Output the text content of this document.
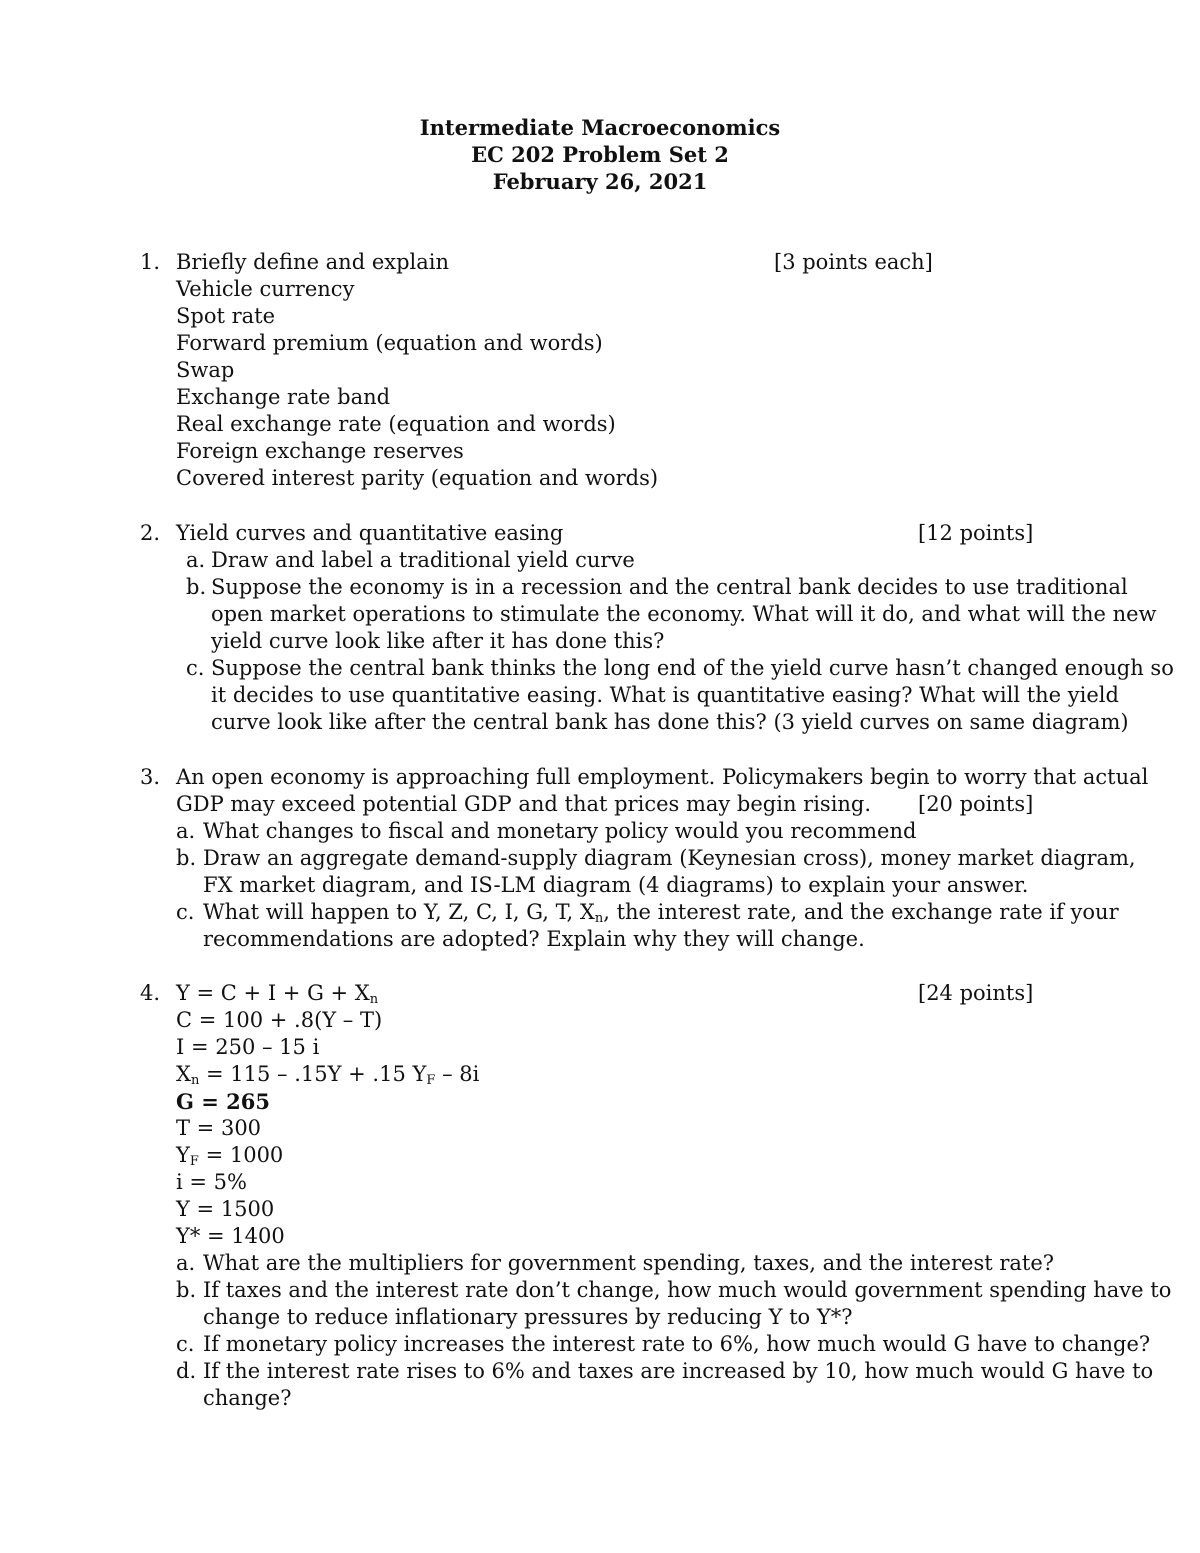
Intermediate Macroeconomics
EC 202 Problem Set 2
February 26, 2021
1. Briefly define and explain	[3 points each]
Vehicle currency
Spot rate
Forward premium (equation and words)
Swap
Exchange rate band
Real exchange rate (equation and words)
Foreign exchange reserves
Covered interest parity (equation and words)
2. Yield curves and quantitative easing	[12 points]
a. Draw and label a traditional yield curve
b. Suppose the economy is in a recession and the central bank decides to use traditional
open market operations to stimulate the economy. What will it do, and what will the new
yield curve look like after it has done this?
c. Suppose the central bank thinks the long end of the yield curve hasn’t changed enough so
it decides to use quantitative easing. What is quantitative easing? What will the yield
curve look like after the central bank has done this? (3 yield curves on same diagram)
3. An open economy is approaching full employment. Policymakers begin to worry that actual
GDP may exceed potential GDP and that prices may begin rising. [20 points]
a. What changes to fiscal and monetary policy would you recommend
b. Draw an aggregate demand-supply diagram (Keynesian cross), money market diagram,
FX market diagram, and IS-LM diagram (4 diagrams) to explain your answer.
c. What will happen to Y, Z, C, I, G, T, $X_n$, the interest rate, and the exchange rate if your
recommendations are adopted? Explain why they will change.
4. $Y = C + I + G + X_n$	[24 points]
C = 100 + .8(Y – T)
I = 250 – 15 i
$X_n = 115 - .15Y + .15$ $Y_F - 8i$
G = 265
T = 300
$Y_F = 1000$
i = 5%
Y = 1500
Y* = 1400
a. What are the multipliers for government spending, taxes, and the interest rate?
b. If taxes and the interest rate don’t change, how much would government spending have to
change to reduce inflationary pressures by reducing Y to Y*?
c. If monetary policy increases the interest rate to 6%, how much would G have to change?
d. If the interest rate rises to 6% and taxes are increased by 10, how much would G have to
change?
